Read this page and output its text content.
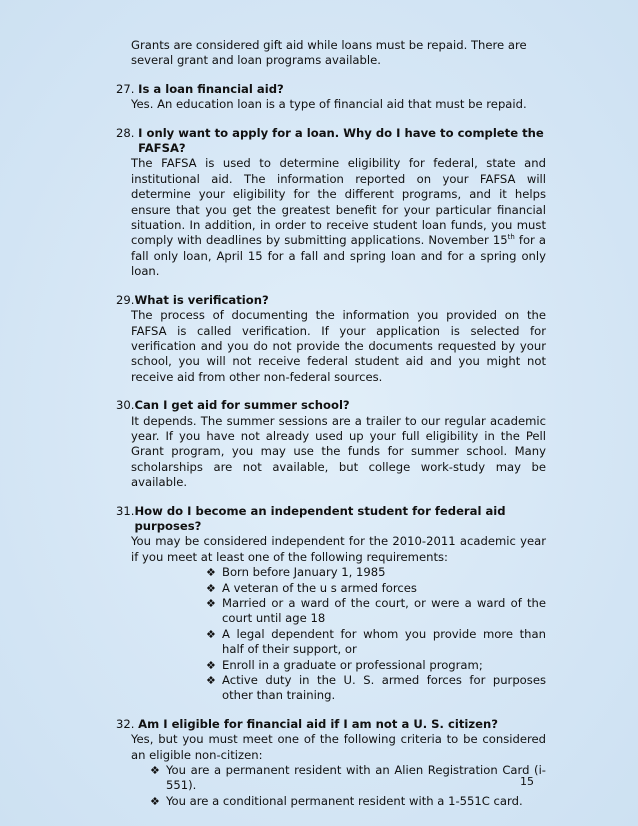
Grants are considered gift aid while loans must be repaid. There are several grant and loan programs available.
27. Is a loan financial aid?
Yes. An education loan is a type of financial aid that must be repaid.
28. I only want to apply for a loan. Why do I have to complete the FAFSA?
The FAFSA is used to determine eligibility for federal, state and institutional aid. The information reported on your FAFSA will determine your eligibility for the different programs, and it helps ensure that you get the greatest benefit for your particular financial situation. In addition, in order to receive student loan funds, you must comply with deadlines by submitting applications. November 15th for a fall only loan, April 15 for a fall and spring loan and for a spring only loan.
29. What is verification?
The process of documenting the information you provided on the FAFSA is called verification. If your application is selected for verification and you do not provide the documents requested by your school, you will not receive federal student aid and you might not receive aid from other non-federal sources.
30. Can I get aid for summer school?
It depends. The summer sessions are a trailer to our regular academic year. If you have not already used up your full eligibility in the Pell Grant program, you may use the funds for summer school. Many scholarships are not available, but college work-study may be available.
31. How do I become an independent student for federal aid purposes?
You may be considered independent for the 2010-2011 academic year if you meet at least one of the following requirements:
❖ Born before January 1, 1985
❖ A veteran of the u s armed forces
❖ Married or a ward of the court, or were a ward of the court until age 18
❖ A legal dependent for whom you provide more than half of their support, or
❖ Enroll in a graduate or professional program;
❖ Active duty in the U. S. armed forces for purposes other than training.
32. Am I eligible for financial aid if I am not a U. S. citizen?
Yes, but you must meet one of the following criteria to be considered an eligible non-citizen:
❖ You are a permanent resident with an Alien Registration Card (i-551).
❖ You are a conditional permanent resident with a 1-551C card.
15
